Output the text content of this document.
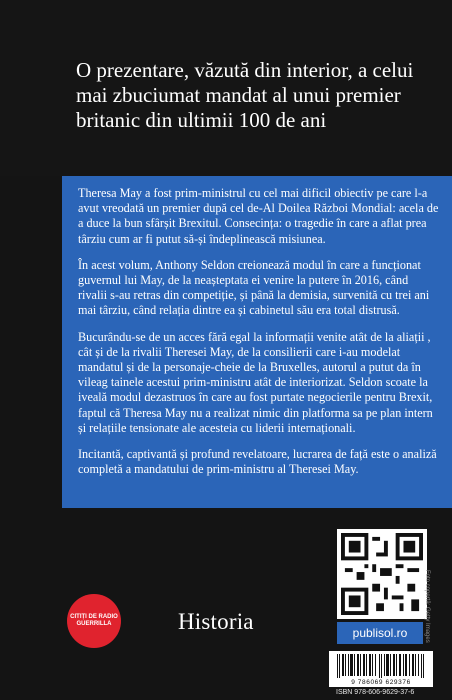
O prezentare, văzută din interior, a celui mai zbuciumat mandat al unui premier britanic din ultimii 100 de ani

Theresa May a fost prim-ministrul cu cel mai dificil obiectiv pe care l-a avut vreodată un premier după cel de-Al Doilea Război Mondial: acela de a duce la bun sfârșit Brexitul. Consecința: o tragedie în care a aflat prea târziu cum ar fi putut să-și îndeplinească misiunea.

În acest volum, Anthony Seldon creionează modul în care a funcționat guvernul lui May, de la neașteptata ei venire la putere în 2016, când rivalii s-au retras din competiție, și până la demisia, survenită cu trei ani mai târziu, când relația dintre ea și cabinetul său era total distrusă.

Bucurându-se de un acces fără egal la informații venite atât de la aliații , cât și de la rivalii Theresei May, de la consilierii care i-au modelat mandatul și de la personaje-cheie de la Bruxelles, autorul a putut da în vileag tainele acestui prim-ministru atât de interiorizat. Seldon scoate la iveală modul dezastruos în care au fost purtate negocierile pentru Brexit, faptul că Theresa May nu a realizat nimic din platforma sa pe plan intern și relațiile tensionate ale acesteia cu liderii internaționali.

Incitantă, captivantă și profund revelatoare, lucrarea de față este o analiză completă a mandatului de prim-ministru al Theresei May.

CITIȚI DE RADIO GUERRILLA	Historia	publisol.ro
9 786069 629376
ISBN 978-606-9629-37-6
Foto copertă: Getty Images
